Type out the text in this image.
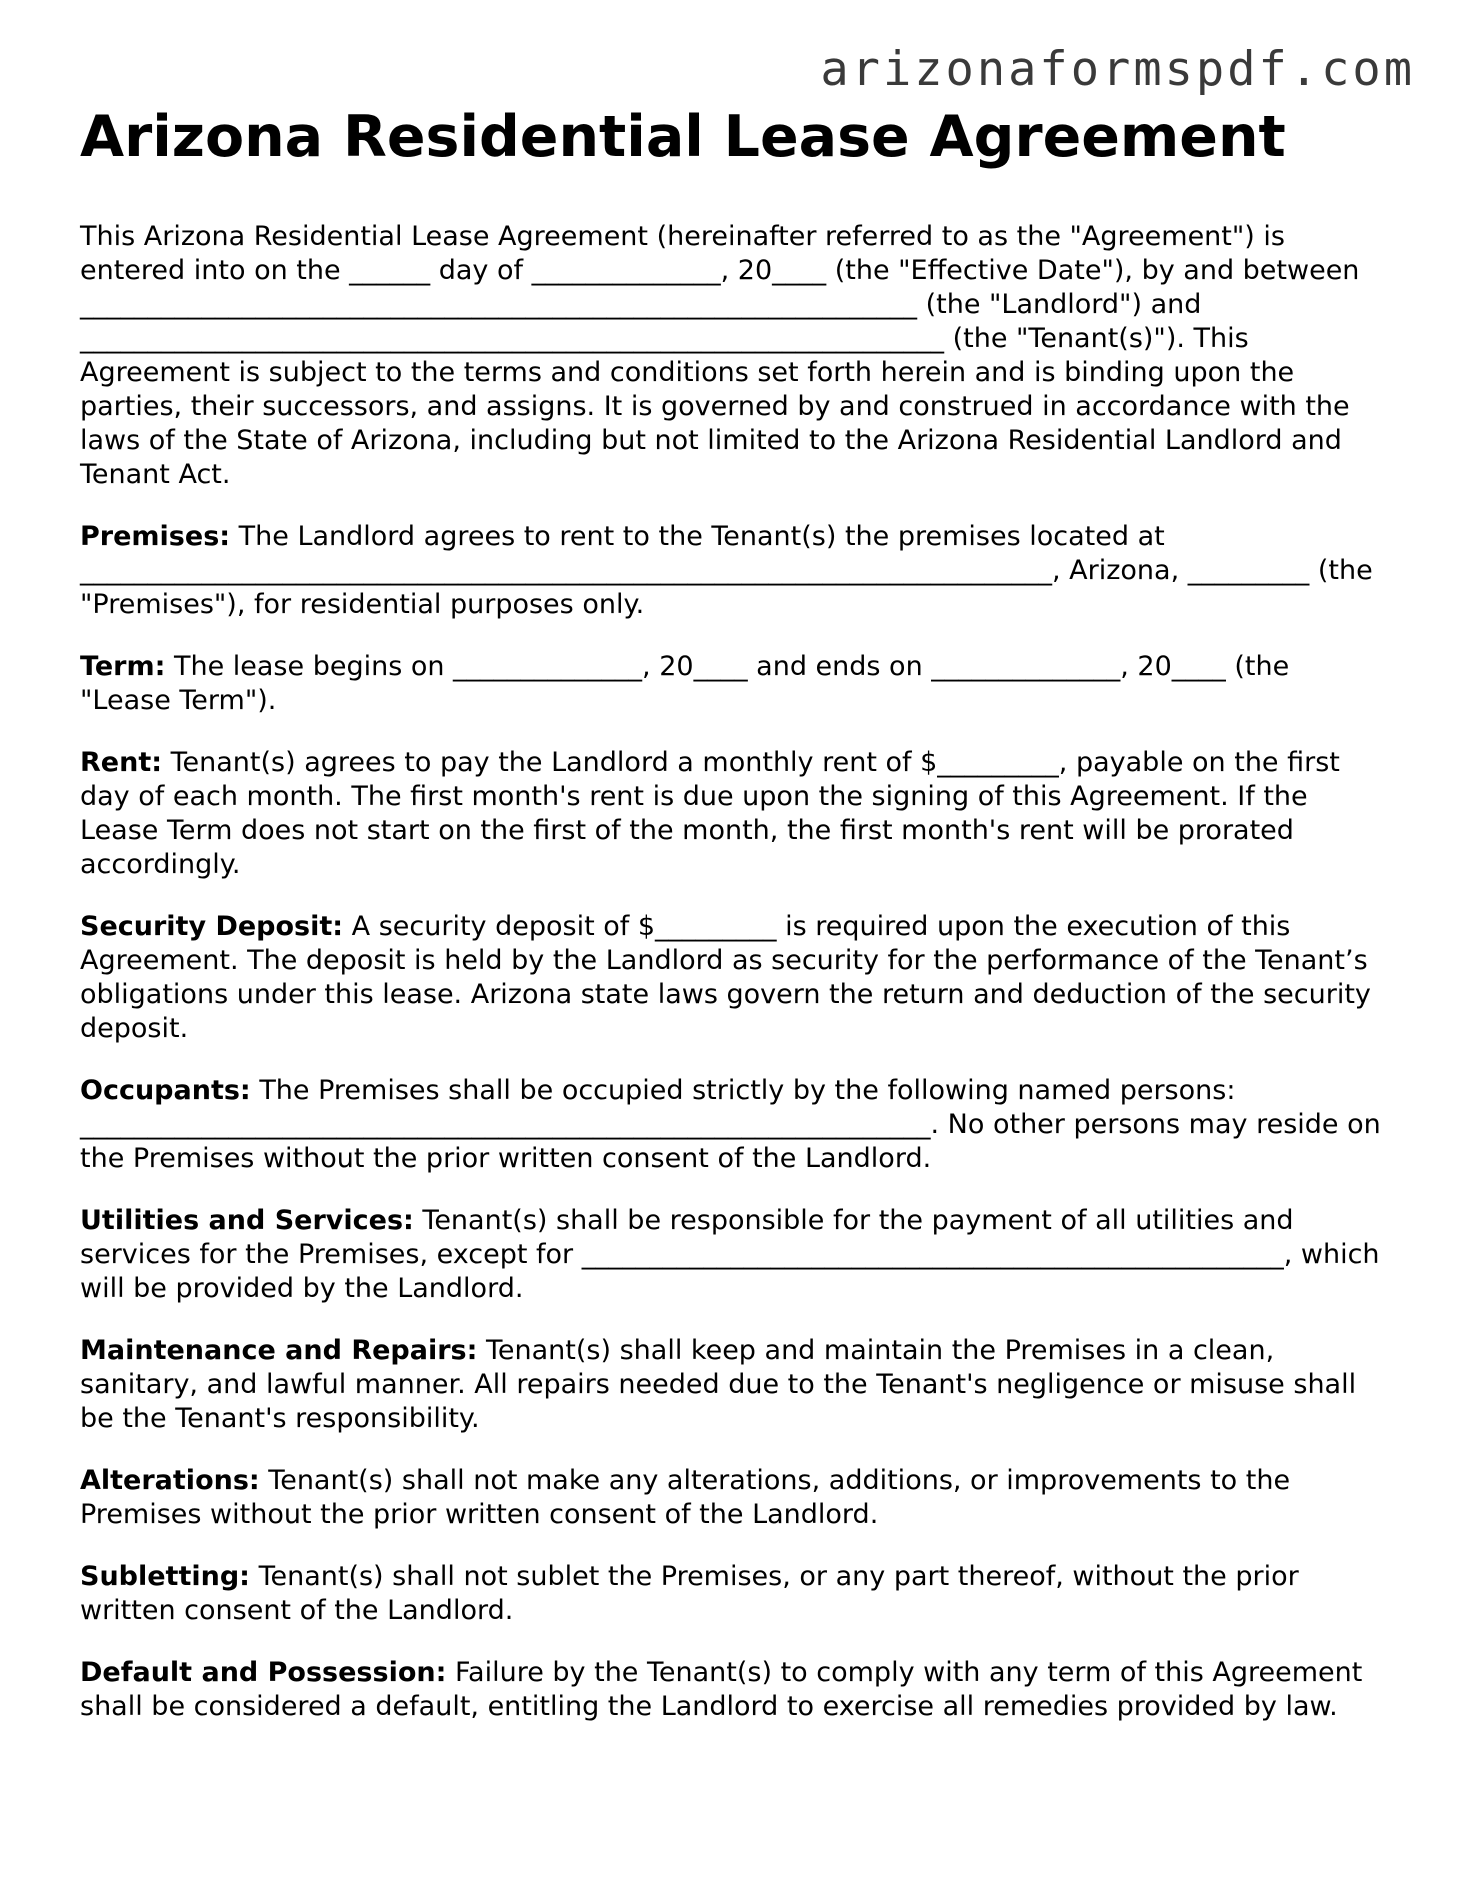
arizonaformspdf.com
Arizona Residential Lease Agreement

This Arizona Residential Lease Agreement (hereinafter referred to as the "Agreement") is entered into on the ______ day of ______________, 20____ (the "Effective Date"), by and between ______________________________________________________________ (the "Landlord") and ________________________________________________________________ (the "Tenant(s)"). This Agreement is subject to the terms and conditions set forth herein and is binding upon the parties, their successors, and assigns. It is governed by and construed in accordance with the laws of the State of Arizona, including but not limited to the Arizona Residential Landlord and Tenant Act.

Premises: The Landlord agrees to rent to the Tenant(s) the premises located at ________________________________________________________________________, Arizona, _________ (the "Premises"), for residential purposes only.

Term: The lease begins on ______________, 20____ and ends on ______________, 20____ (the "Lease Term").

Rent: Tenant(s) agrees to pay the Landlord a monthly rent of $_________, payable on the first day of each month. The first month's rent is due upon the signing of this Agreement. If the Lease Term does not start on the first of the month, the first month's rent will be prorated accordingly.

Security Deposit: A security deposit of $_________ is required upon the execution of this Agreement. The deposit is held by the Landlord as security for the performance of the Tenant’s obligations under this lease. Arizona state laws govern the return and deduction of the security deposit.

Occupants: The Premises shall be occupied strictly by the following named persons: _______________________________________________________________. No other persons may reside on the Premises without the prior written consent of the Landlord.

Utilities and Services: Tenant(s) shall be responsible for the payment of all utilities and services for the Premises, except for ____________________________________________________, which will be provided by the Landlord.

Maintenance and Repairs: Tenant(s) shall keep and maintain the Premises in a clean, sanitary, and lawful manner. All repairs needed due to the Tenant's negligence or misuse shall be the Tenant's responsibility.

Alterations: Tenant(s) shall not make any alterations, additions, or improvements to the Premises without the prior written consent of the Landlord.

Subletting: Tenant(s) shall not sublet the Premises, or any part thereof, without the prior written consent of the Landlord.

Default and Possession: Failure by the Tenant(s) to comply with any term of this Agreement shall be considered a default, entitling the Landlord to exercise all remedies provided by law.
